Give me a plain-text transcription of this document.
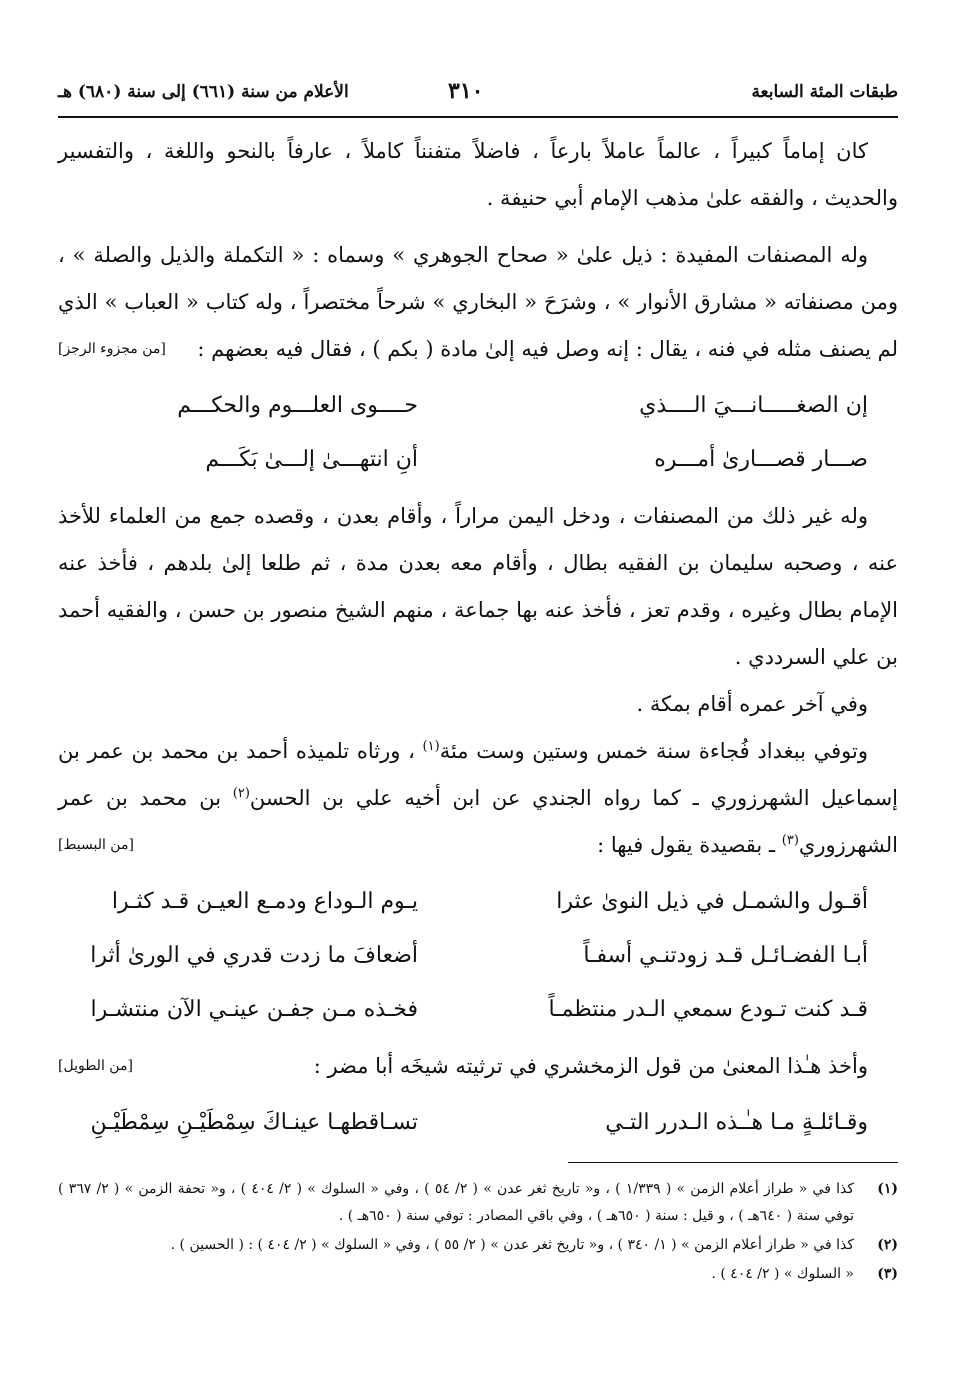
طبقات المئة السابعة
٣١٠
الأعلام من سنة (٦٦١) إلى سنة (٦٨٠) هـ

كان إماماً كبيراً ، عالماً عاملاً بارعاً ، فاضلاً متفنناً كاملاً ، عارفاً بالنحو واللغة ، والتفسير والحديث ، والفقه علىٰ مذهب الإمام أبي حنيفة .

وله المصنفات المفيدة : ذيل علىٰ « صحاح الجوهري » وسماه : « التكملة والذيل والصلة » ، ومن مصنفاته « مشارق الأنوار » ، وشرَحَ « البخاري » شرحاً مختصراً ، وله كتاب « العباب » الذي لم يصنف مثله في فنه ، يقال : إنه وصل فيه إلىٰ مادة ( بكم ) ، فقال فيه بعضهم :
[من مجزوء الرجز]

إن الصغـــــانـــيَ الــــذي
حــــوى العلـــوم والحكـــم
صـــار قصـــارىٰ أمـــره
أنِ انتهـــىٰ إلـــىٰ بَكَـــم

وله غير ذلك من المصنفات ، ودخل اليمن مراراً ، وأقام بعدن ، وقصده جمع من العلماء للأخذ عنه ، وصحبه سليمان بن الفقيه بطال ، وأقام معه بعدن مدة ، ثم طلعا إلىٰ بلدهم ، فأخذ عنه الإمام بطال وغيره ، وقدم تعز ، فأخذ عنه بها جماعة ، منهم الشيخ منصور بن حسن ، والفقيه أحمد بن علي السرددي .

وفي آخر عمره أقام بمكة .

وتوفي ببغداد فُجاءة سنة خمس وستين وست مئة$^{(١)}$ ، ورثاه تلميذه أحمد بن محمد بن عمر بن إسماعيل الشهرزوري ـ كما رواه الجندي عن ابن أخيه علي بن الحسن$^{(٢)}$ بن محمد بن عمر الشهرزوري$^{(٣)}$ ـ بقصيدة يقول فيها :
[من البسيط]

أقـول والشمـل في ذيل النوىٰ عثرا
يـوم الـوداع ودمـع العيـن قـد كثـرا
أبـا الفضـائـل قـد زودتنـي أسفـاً
أضعافَ ما زدت قدري في الورىٰ أثرا
قـد كنت تـودع سمعي الـدر منتظمـاً
فخـذه مـن جفـن عينـي الآن منتشـرا

وأخذ هـٰذا المعنىٰ من قول الزمخشري في ترثيته شيخَه أبا مضر :
[من الطويل]

وقـائلـةٍ مـا هـٰـذه الـدرر التـي
تسـاقطهـا عينـاكَ سِمْطَيْـنِ سِمْطَيْـنِ
(١)
كذا في « طراز أعلام الزمن » ( ١/٣٣٩ ) ، و« تاريخ ثغر عدن » ( ٢/ ٥٤ ) ، وفي « السلوك » ( ٢/ ٤٠٤ ) ، و« تحفة الزمن » ( ٢/ ٣٦٧ ) توفي سنة ( ٦٤٠هـ ) ، و قيل : سنة ( ٦٥٠هـ ) ، وفي باقي المصادر : توفي سنة ( ٦٥٠هـ ) .
(٢)
كذا في « طراز أعلام الزمن » ( ١/ ٣٤٠ ) ، و« تاريخ ثغر عدن » ( ٢/ ٥٥ ) ، وفي « السلوك » ( ٢/ ٤٠٤ ) : ( الحسين ) .
(٣)
« السلوك » ( ٢/ ٤٠٤ ) .
